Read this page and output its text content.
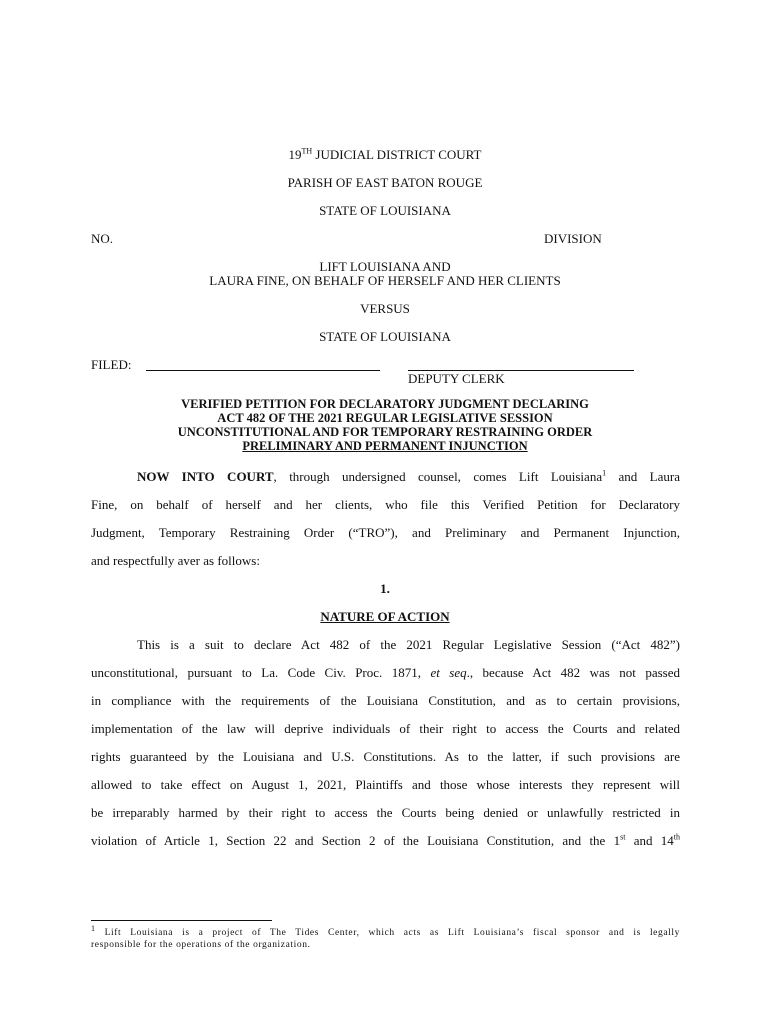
19TH JUDICIAL DISTRICT COURT
PARISH OF EAST BATON ROUGE
STATE OF LOUISIANA
NO.	DIVISION
LIFT LOUISIANA AND
LAURA FINE, ON BEHALF OF HERSELF AND HER CLIENTS
VERSUS
STATE OF LOUISIANA
FILED:
DEPUTY CLERK
VERIFIED PETITION FOR DECLARATORY JUDGMENT DECLARING
ACT 482 OF THE 2021 REGULAR LEGISLATIVE SESSION
UNCONSTITUTIONAL AND FOR TEMPORARY RESTRAINING ORDER
PRELIMINARY AND PERMANENT INJUNCTION
NOW INTO COURT, through undersigned counsel, comes Lift Louisiana$^1$ and Laura
Fine, on behalf of herself and her clients, who file this Verified Petition for Declaratory
Judgment, Temporary Restraining Order (“TRO”), and Preliminary and Permanent Injunction,
and respectfully aver as follows:
1.
NATURE OF ACTION
This is a suit to declare Act 482 of the 2021 Regular Legislative Session (“Act 482”)
unconstitutional, pursuant to La. Code Civ. Proc. 1871, et seq., because Act 482 was not passed
in compliance with the requirements of the Louisiana Constitution, and as to certain provisions,
implementation of the law will deprive individuals of their right to access the Courts and related
rights guaranteed by the Louisiana and U.S. Constitutions. As to the latter, if such provisions are
allowed to take effect on August 1, 2021, Plaintiffs and those whose interests they represent will
be irreparably harmed by their right to access the Courts being denied or unlawfully restricted in
violation of Article 1, Section 22 and Section 2 of the Louisiana Constitution, and the 1st and 14th
$^1$ Lift Louisiana is a project of The Tides Center, which acts as Lift Louisiana’s fiscal sponsor and is legally
responsible for the operations of the organization.
